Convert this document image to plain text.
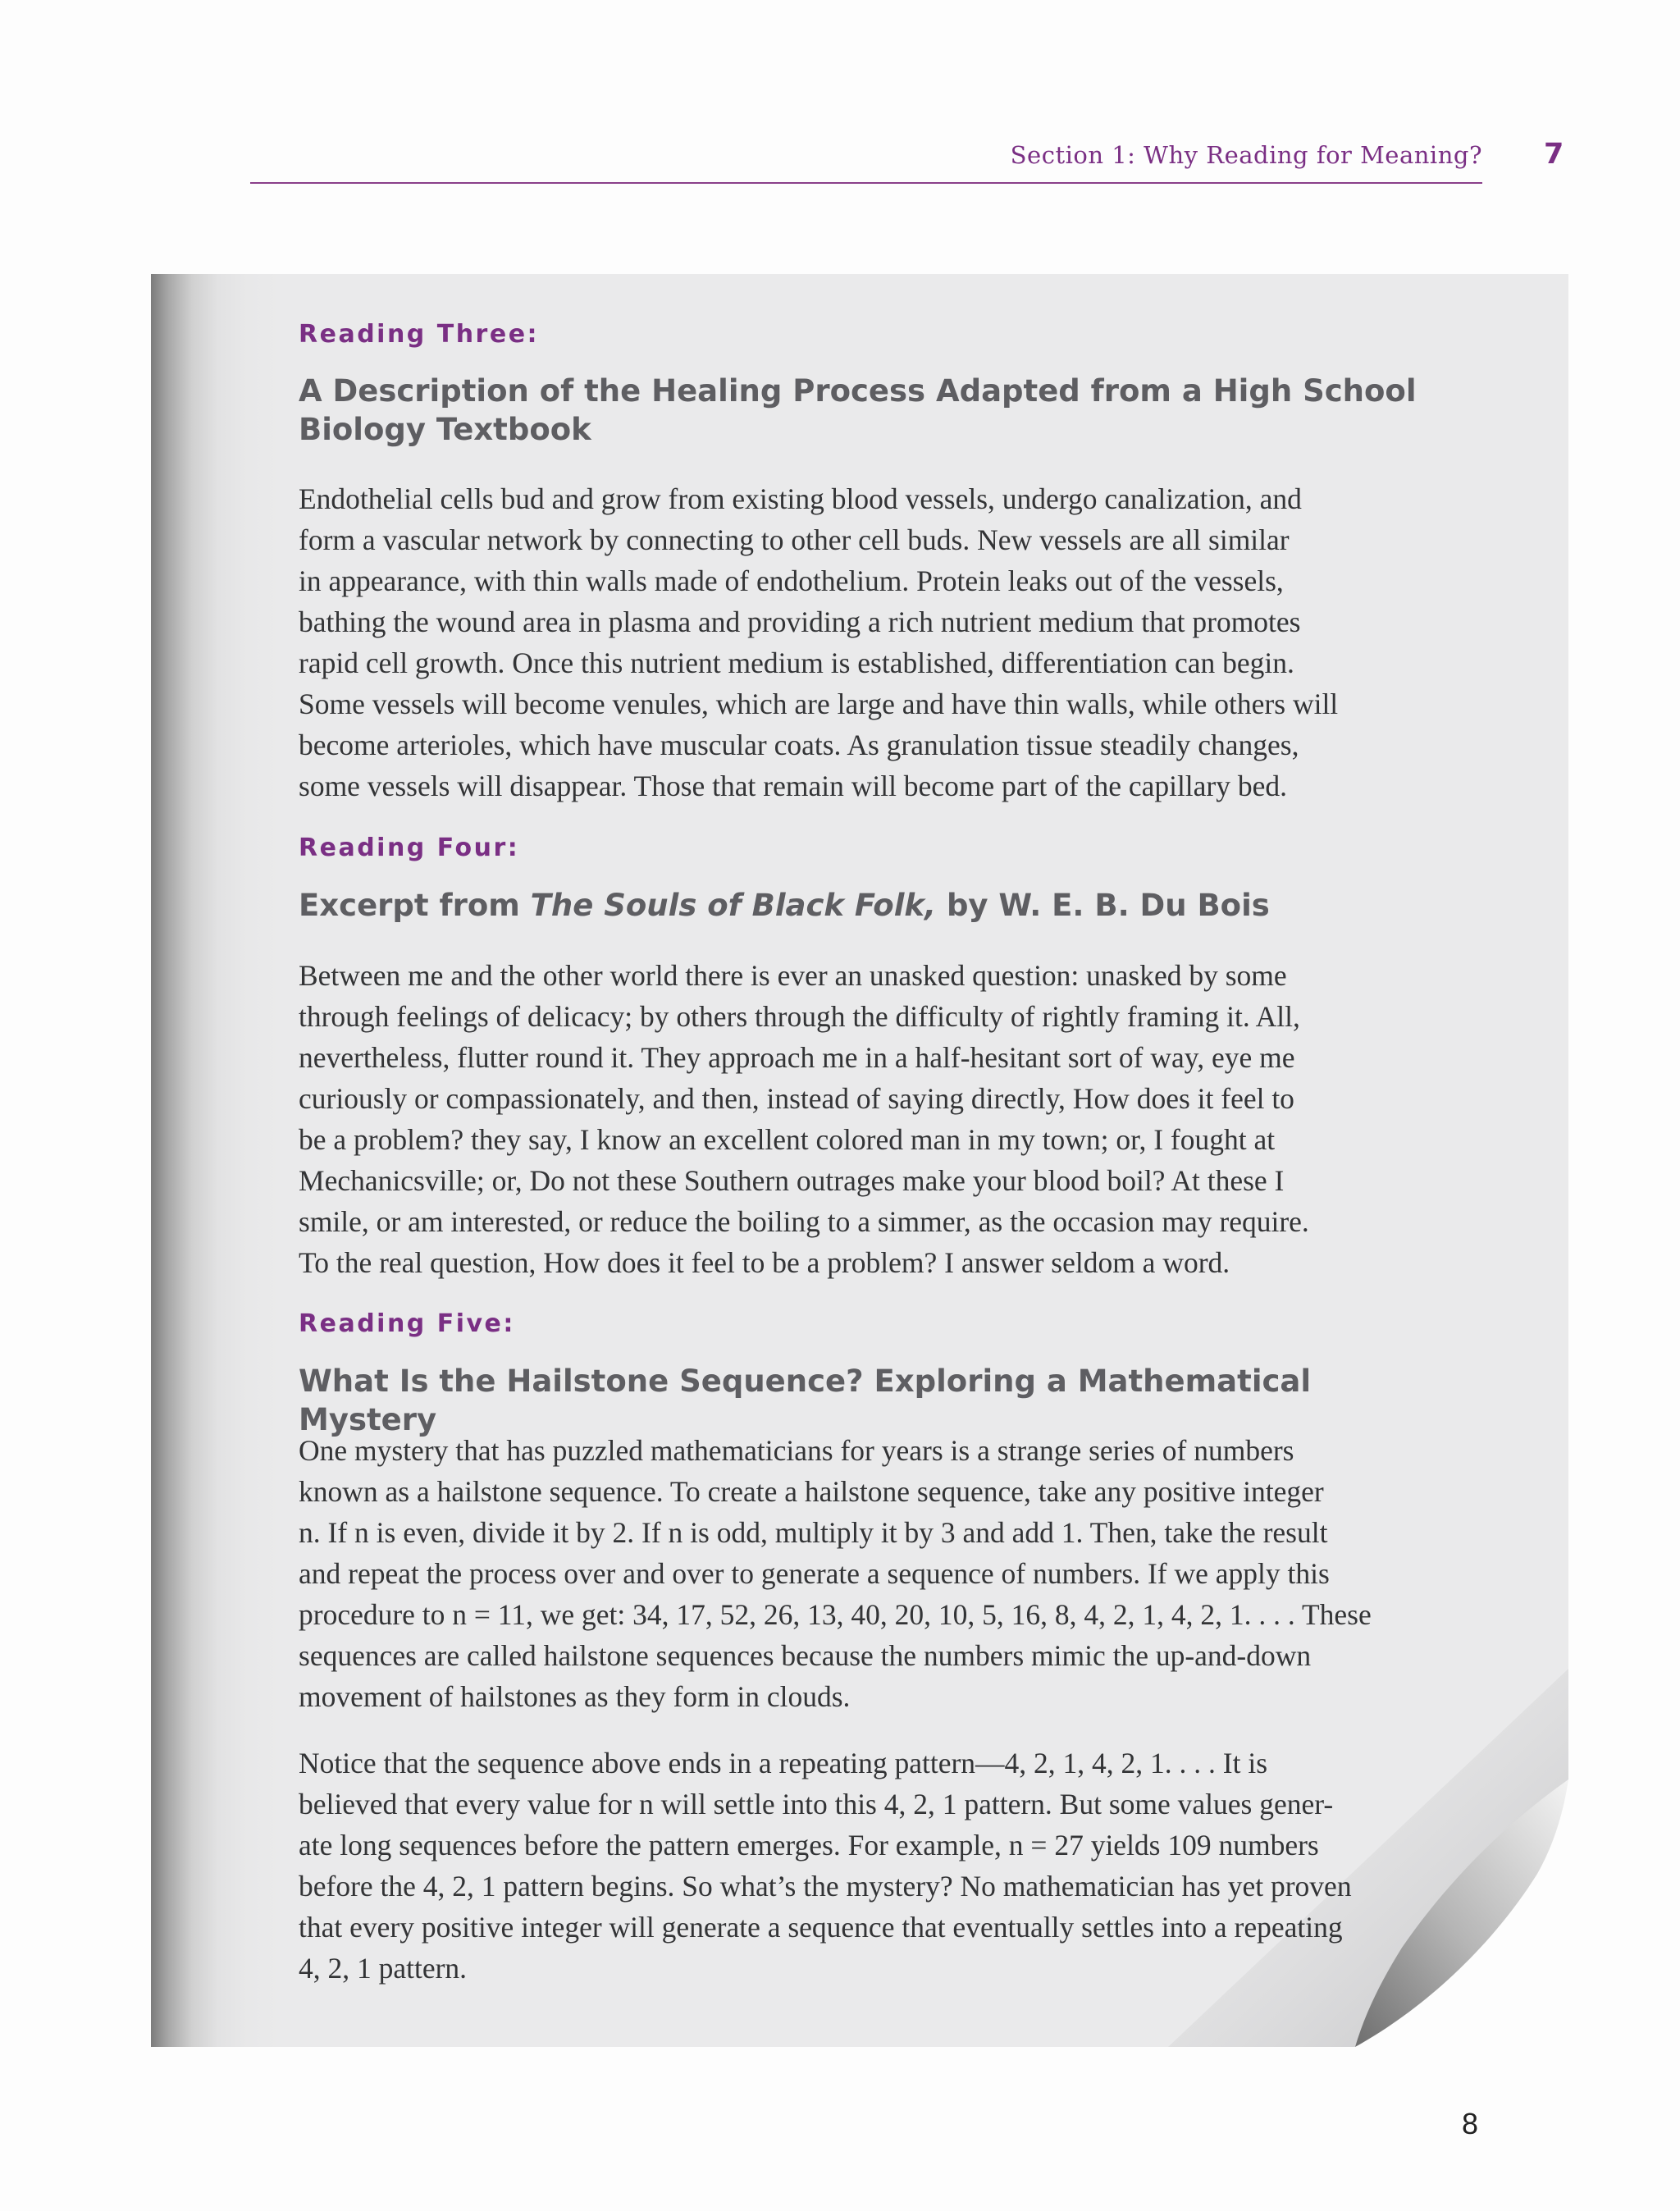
Section 1: Why Reading for Meaning? 7
Reading Three:
A Description of the Healing Process Adapted from a High School Biology Textbook
Endothelial cells bud and grow from existing blood vessels, undergo canalization, and
form a vascular network by connecting to other cell buds. New vessels are all similar
in appearance, with thin walls made of endothelium. Protein leaks out of the vessels,
bathing the wound area in plasma and providing a rich nutrient medium that promotes
rapid cell growth. Once this nutrient medium is established, differentiation can begin.
Some vessels will become venules, which are large and have thin walls, while others will
become arterioles, which have muscular coats. As granulation tissue steadily changes,
some vessels will disappear. Those that remain will become part of the capillary bed.
Reading Four:
Excerpt from The Souls of Black Folk, by W. E. B. Du Bois
Between me and the other world there is ever an unasked question: unasked by some
through feelings of delicacy; by others through the difficulty of rightly framing it. All,
nevertheless, flutter round it. They approach me in a half-hesitant sort of way, eye me
curiously or compassionately, and then, instead of saying directly, How does it feel to
be a problem? they say, I know an excellent colored man in my town; or, I fought at
Mechanicsville; or, Do not these Southern outrages make your blood boil? At these I
smile, or am interested, or reduce the boiling to a simmer, as the occasion may require.
To the real question, How does it feel to be a problem? I answer seldom a word.
Reading Five:
What Is the Hailstone Sequence? Exploring a Mathematical Mystery
One mystery that has puzzled mathematicians for years is a strange series of numbers
known as a hailstone sequence. To create a hailstone sequence, take any positive integer
n. If n is even, divide it by 2. If n is odd, multiply it by 3 and add 1. Then, take the result
and repeat the process over and over to generate a sequence of numbers. If we apply this
procedure to n = 11, we get: 34, 17, 52, 26, 13, 40, 20, 10, 5, 16, 8, 4, 2, 1, 4, 2, 1. . . . These
sequences are called hailstone sequences because the numbers mimic the up-and-down
movement of hailstones as they form in clouds.
Notice that the sequence above ends in a repeating pattern—4, 2, 1, 4, 2, 1. . . . It is
believed that every value for n will settle into this 4, 2, 1 pattern. But some values gener-
ate long sequences before the pattern emerges. For example, n = 27 yields 109 numbers
before the 4, 2, 1 pattern begins. So what’s the mystery? No mathematician has yet proven
that every positive integer will generate a sequence that eventually settles into a repeating
4, 2, 1 pattern.
8
